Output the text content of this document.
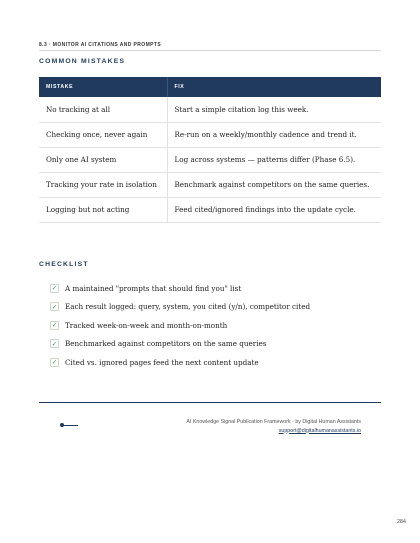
8.3 · MONITOR AI CITATIONS AND PROMPTS
COMMON MISTAKES
MISTAKE	FIX
No tracking at all	Start a simple citation log this week.
Checking once, never again	Re-run on a weekly/monthly cadence and trend it.
Only one AI system	Log across systems — patterns differ (Phase 6.5).
Tracking your rate in isolation	Benchmark against competitors on the same queries.
Logging but not acting	Feed cited/ignored findings into the update cycle.
CHECKLIST
✓ A maintained "prompts that should find you" list
✓ Each result logged: query, system, you cited (y/n), competitor cited
✓ Tracked week-on-week and month-on-month
✓ Benchmarked against competitors on the same queries
✓ Cited vs. ignored pages feed the next content update
AI Knowledge Signal Publication Framework · by Digital Human Assistants
support@digitalhumanassistants.io
284
